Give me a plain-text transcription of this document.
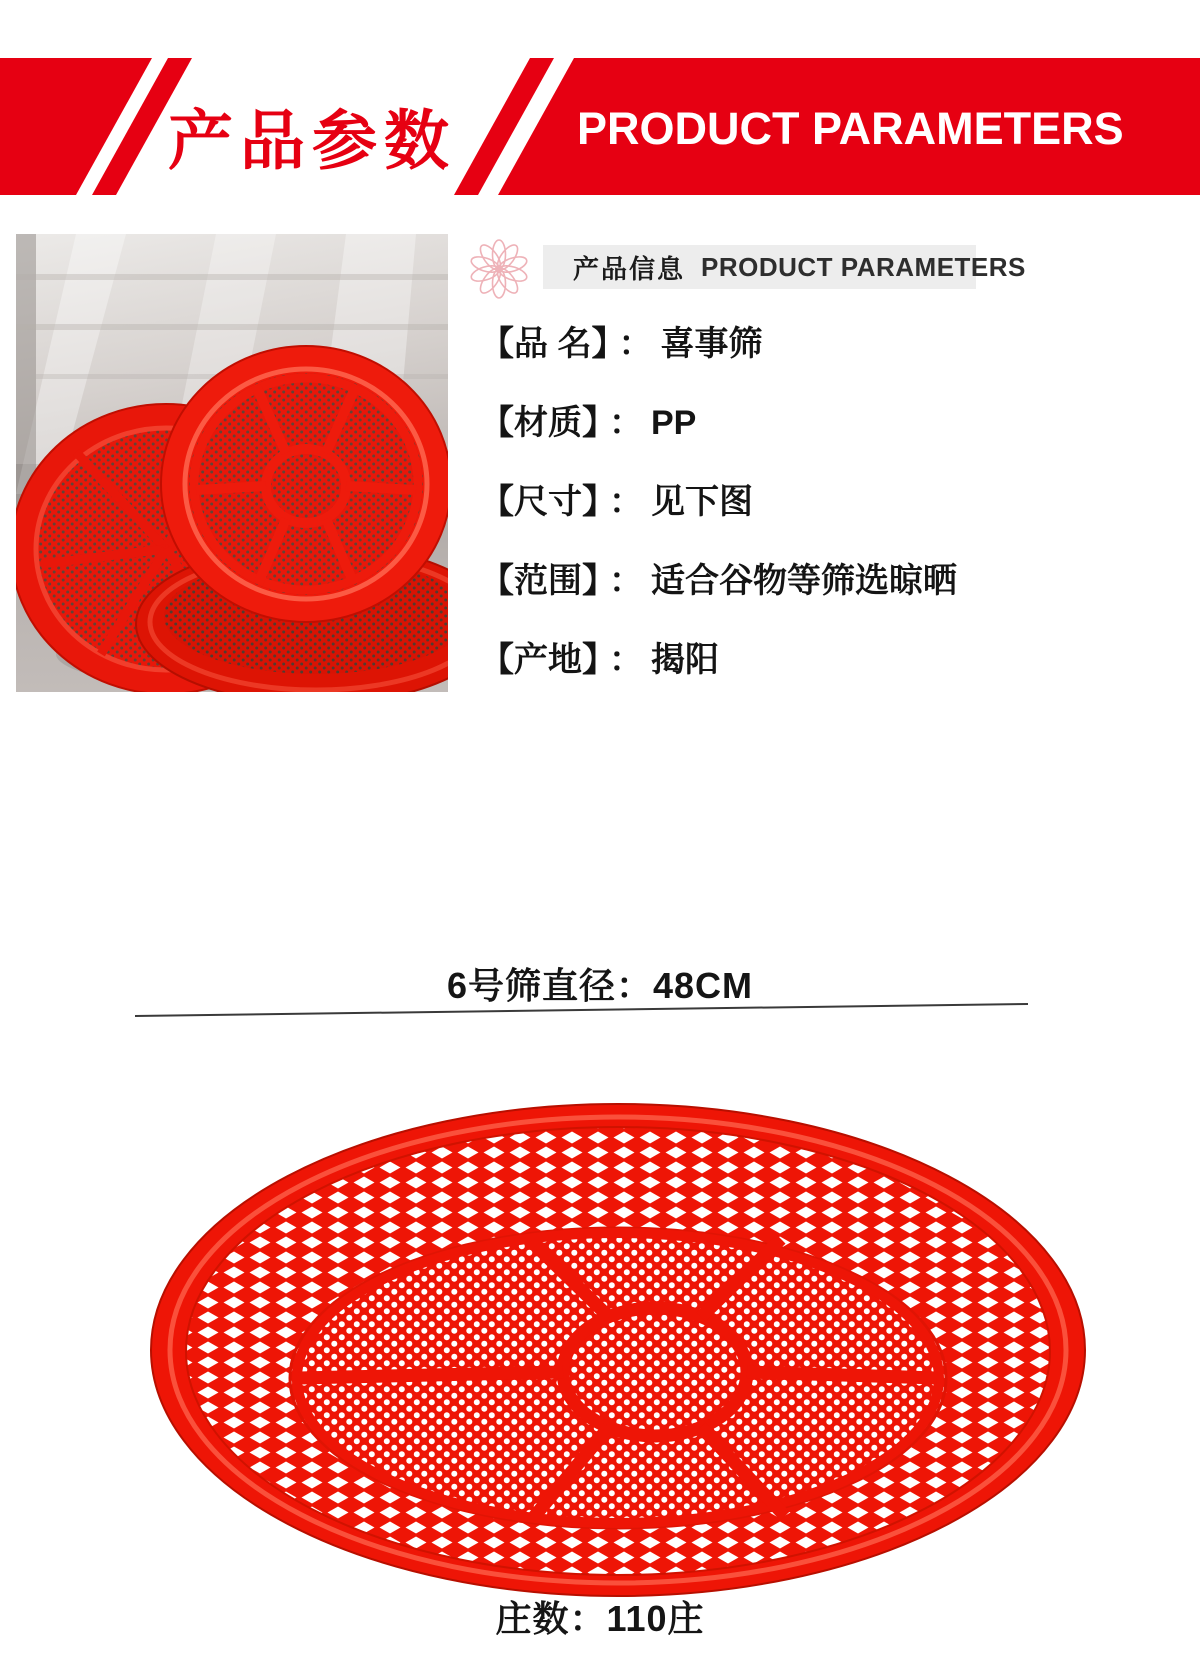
产品参数	PRODUCT PARAMETERS
产品信息 PRODUCT PARAMETERS
【品 名】 ： 喜事筛
【材质】 ： PP
【尺寸】 ： 见下图
【范围】 ： 适合谷物等筛选晾晒
【产地】 ： 揭阳
6号筛直径：48CM
庄数：110庄
